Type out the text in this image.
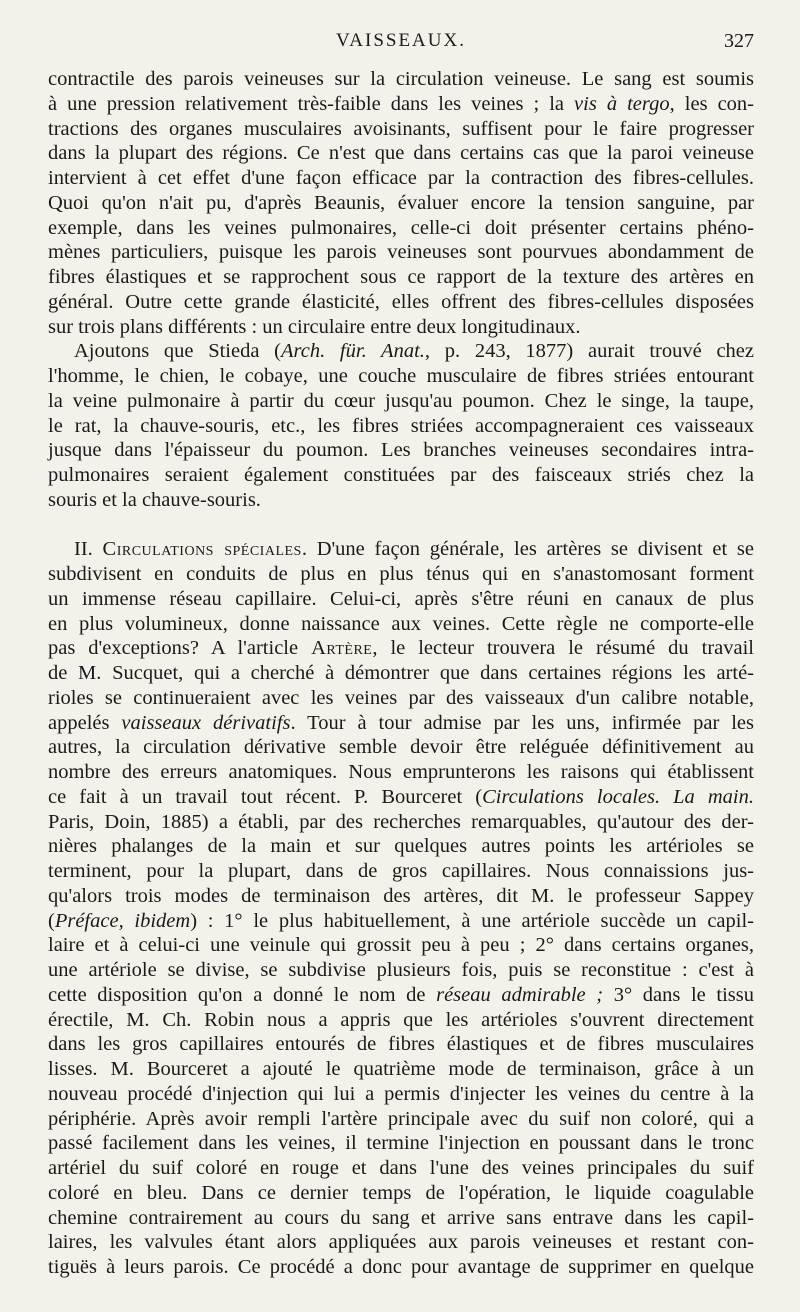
VAISSEAUX.	327
contractile des parois veineuses sur la circulation veineuse. Le sang est soumis
à une pression relativement très-faible dans les veines ; la vis à tergo, les con-
tractions des organes musculaires avoisinants, suffisent pour le faire progresser
dans la plupart des régions. Ce n'est que dans certains cas que la paroi veineuse
intervient à cet effet d'une façon efficace par la contraction des fibres-cellules.
Quoi qu'on n'ait pu, d'après Beaunis, évaluer encore la tension sanguine, par
exemple, dans les veines pulmonaires, celle-ci doit présenter certains phéno-
mènes particuliers, puisque les parois veineuses sont pourvues abondamment de
fibres élastiques et se rapprochent sous ce rapport de la texture des artères en
général. Outre cette grande élasticité, elles offrent des fibres-cellules disposées
sur trois plans différents : un circulaire entre deux longitudinaux.
Ajoutons que Stieda (Arch. für. Anat., p. 243, 1877) aurait trouvé chez
l'homme, le chien, le cobaye, une couche musculaire de fibres striées entourant
la veine pulmonaire à partir du cœur jusqu'au poumon. Chez le singe, la taupe,
le rat, la chauve-souris, etc., les fibres striées accompagneraient ces vaisseaux
jusque dans l'épaisseur du poumon. Les branches veineuses secondaires intra-
pulmonaires seraient également constituées par des faisceaux striés chez la
souris et la chauve-souris.
II. Circulations spéciales. D'une façon générale, les artères se divisent et se
subdivisent en conduits de plus en plus ténus qui en s'anastomosant forment
un immense réseau capillaire. Celui-ci, après s'être réuni en canaux de plus
en plus volumineux, donne naissance aux veines. Cette règle ne comporte-elle
pas d'exceptions? A l'article Artère, le lecteur trouvera le résumé du travail
de M. Sucquet, qui a cherché à démontrer que dans certaines régions les arté-
rioles se continueraient avec les veines par des vaisseaux d'un calibre notable,
appelés vaisseaux dérivatifs. Tour à tour admise par les uns, infirmée par les
autres, la circulation dérivative semble devoir être reléguée définitivement au
nombre des erreurs anatomiques. Nous emprunterons les raisons qui établissent
ce fait à un travail tout récent. P. Bourceret (Circulations locales. La main.
Paris, Doin, 1885) a établi, par des recherches remarquables, qu'autour des der-
nières phalanges de la main et sur quelques autres points les artérioles se
terminent, pour la plupart, dans de gros capillaires. Nous connaissions jus-
qu'alors trois modes de terminaison des artères, dit M. le professeur Sappey
(Préface, ibidem) : 1° le plus habituellement, à une artériole succède un capil-
laire et à celui-ci une veinule qui grossit peu à peu ; 2° dans certains organes,
une artériole se divise, se subdivise plusieurs fois, puis se reconstitue : c'est à
cette disposition qu'on a donné le nom de réseau admirable ; 3° dans le tissu
érectile, M. Ch. Robin nous a appris que les artérioles s'ouvrent directement
dans les gros capillaires entourés de fibres élastiques et de fibres musculaires
lisses. M. Bourceret a ajouté le quatrième mode de terminaison, grâce à un
nouveau procédé d'injection qui lui a permis d'injecter les veines du centre à la
périphérie. Après avoir rempli l'artère principale avec du suif non coloré, qui a
passé facilement dans les veines, il termine l'injection en poussant dans le tronc
artériel du suif coloré en rouge et dans l'une des veines principales du suif
coloré en bleu. Dans ce dernier temps de l'opération, le liquide coagulable
chemine contrairement au cours du sang et arrive sans entrave dans les capil-
laires, les valvules étant alors appliquées aux parois veineuses et restant con-
tiguës à leurs parois. Ce procédé a donc pour avantage de supprimer en quelque
